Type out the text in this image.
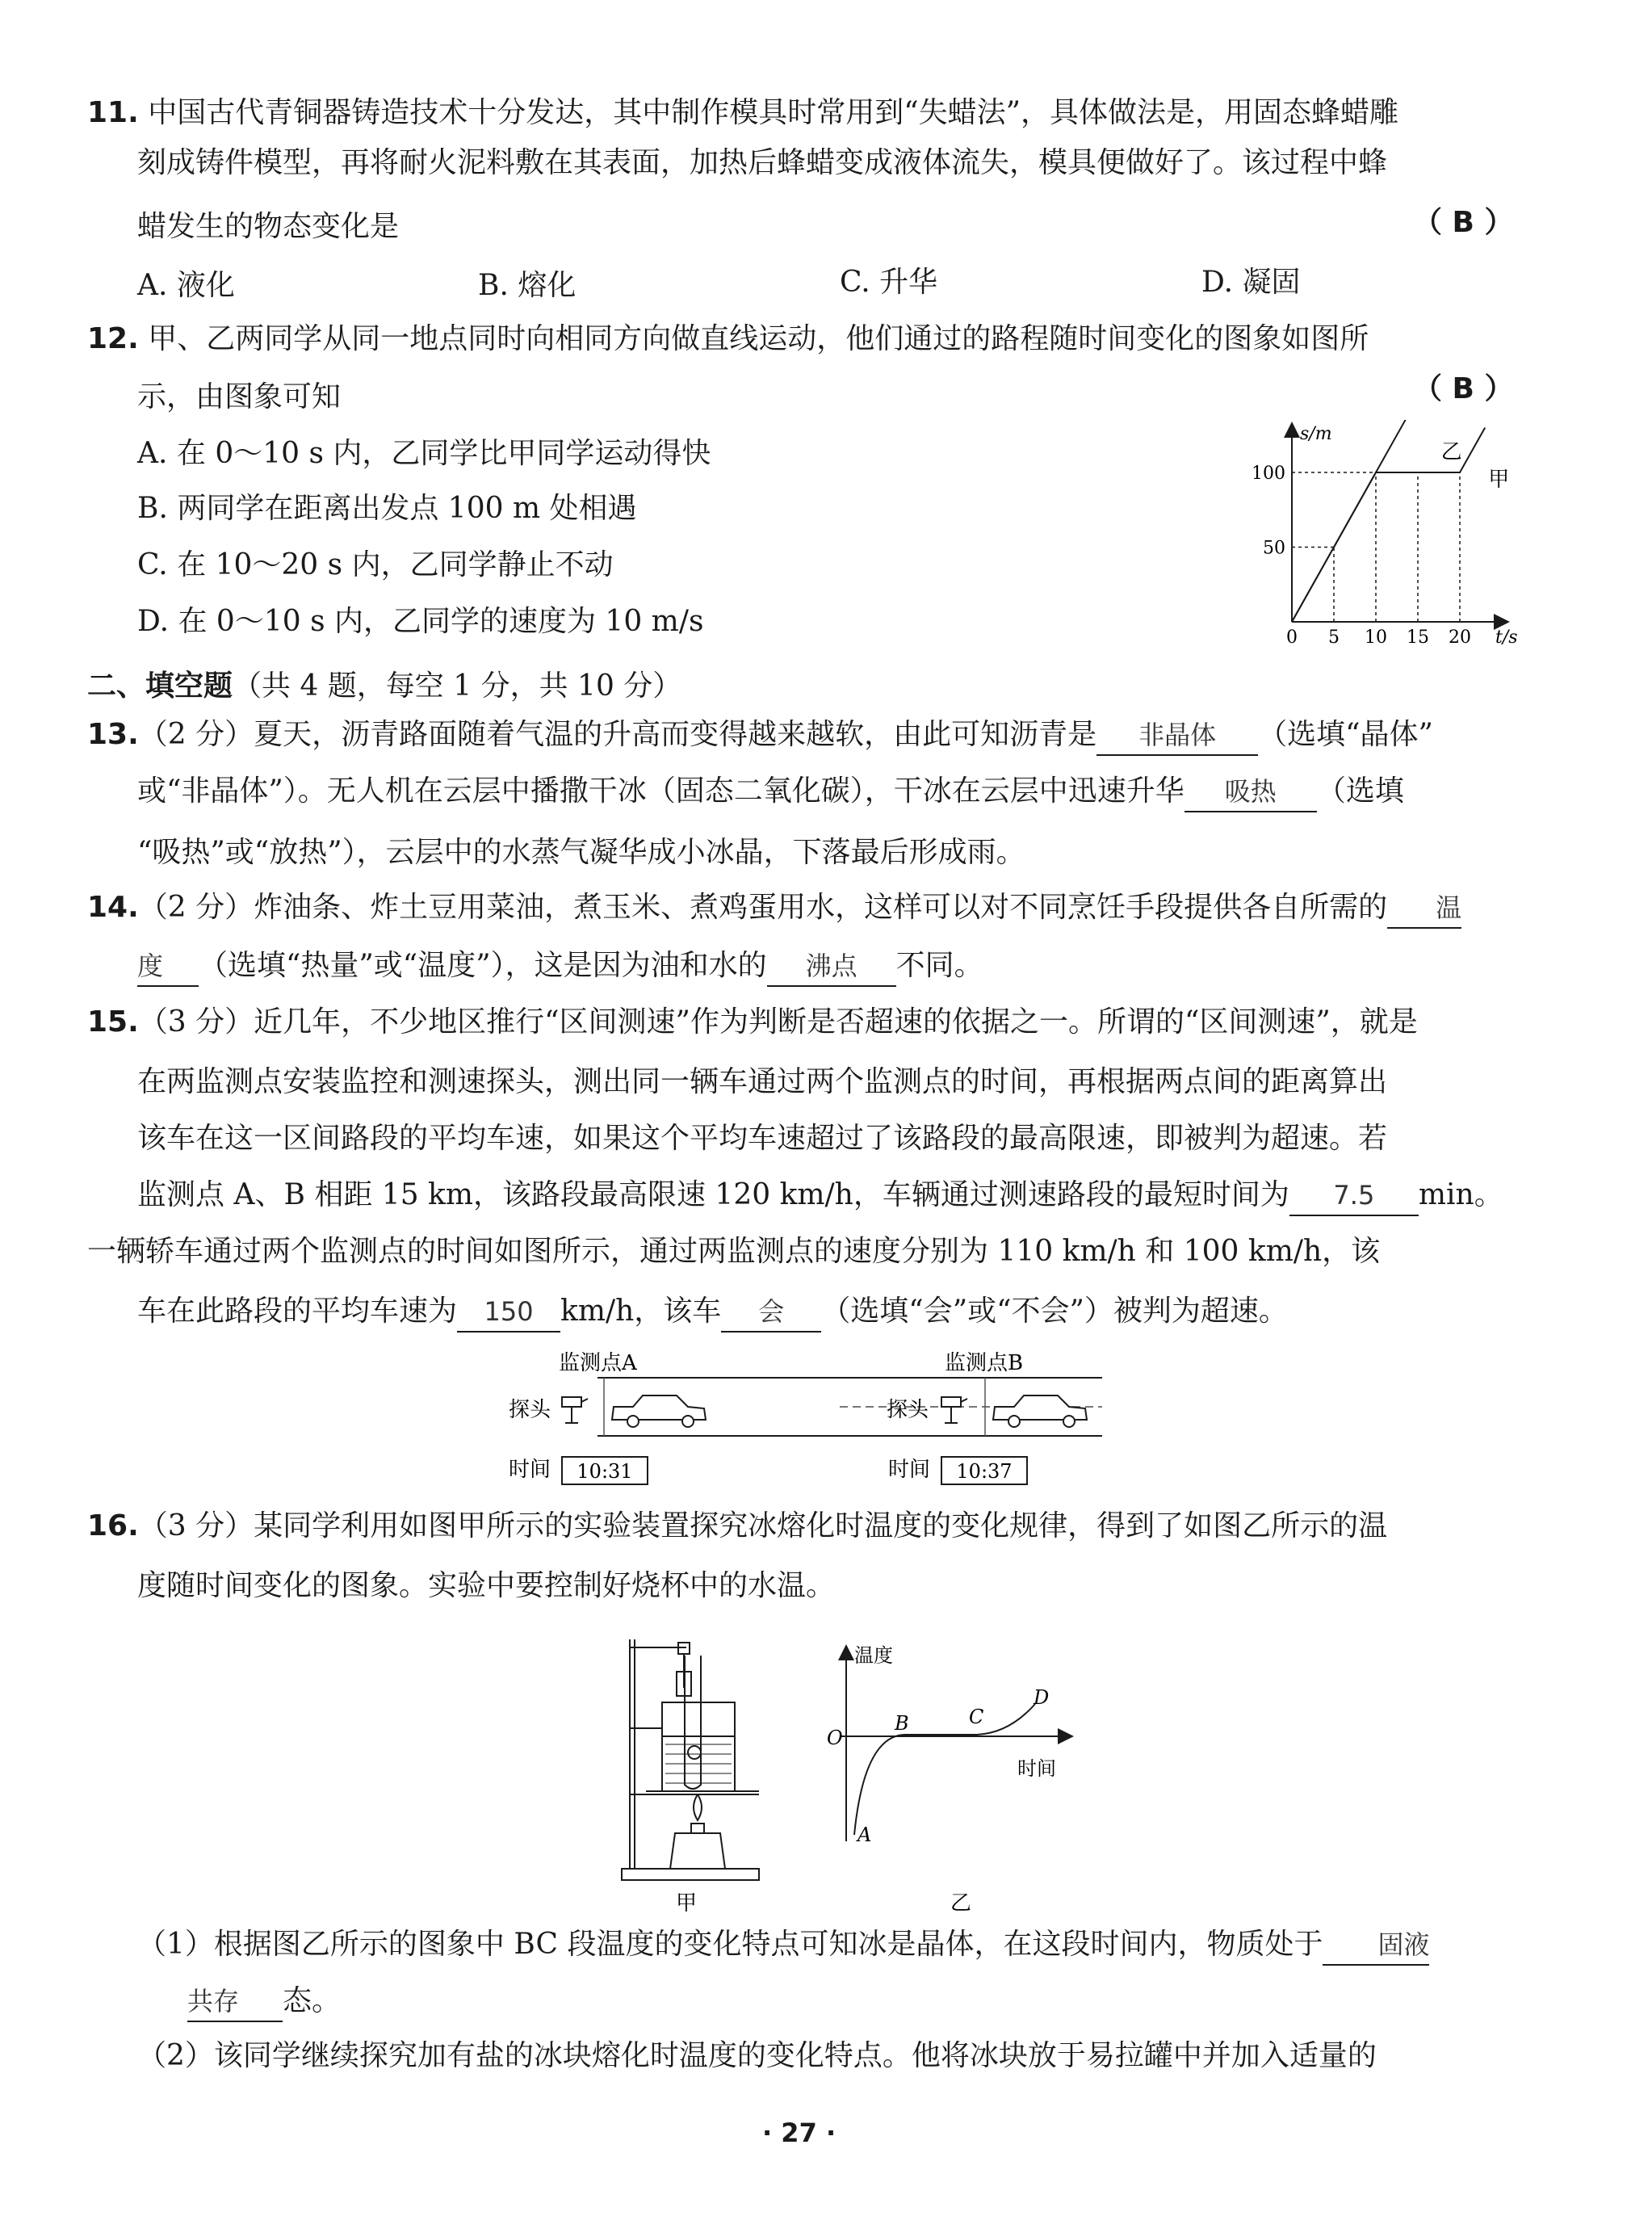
11. 中国古代青铜器铸造技术十分发达，其中制作模具时常用到“失蜡法”，具体做法是，用固态蜂蜡雕
刻成铸件模型，再将耐火泥料敷在其表面，加热后蜂蜡变成液体流失，模具便做好了。该过程中蜂
蜡发生的物态变化是	（ B ）
A. 液化	B. 熔化	C. 升华	D. 凝固
12. 甲、乙两同学从同一地点同时向相同方向做直线运动，他们通过的路程随时间变化的图象如图所
示，由图象可知	（ B ）
A. 在 0～10 s 内，乙同学比甲同学运动得快
B. 两同学在距离出发点 100 m 处相遇
C. 在 10～20 s 内，乙同学静止不动
D. 在 0～10 s 内，乙同学的速度为 10 m/s
s/m
t/s
0 5 10 15 20
50
100
乙
甲
二、填空题（共 4 题，每空 1 分，共 10 分）
13.（2 分）夏天，沥青路面随着气温的升高而变得越来越软，由此可知沥青是 非晶体 （选填“晶体”
或“非晶体”）。无人机在云层中播撒干冰（固态二氧化碳），干冰在云层中迅速升华 吸热 （选填
“吸热”或“放热”），云层中的水蒸气凝华成小冰晶，下落最后形成雨。
14.（2 分）炸油条、炸土豆用菜油，煮玉米、煮鸡蛋用水，这样可以对不同烹饪手段提供各自所需的 温
度 （选填“热量”或“温度”），这是因为油和水的 沸点 不同。
15.（3 分）近几年，不少地区推行“区间测速”作为判断是否超速的依据之一。所谓的“区间测速”，就是
在两监测点安装监控和测速探头，测出同一辆车通过两个监测点的时间，再根据两点间的距离算出
该车在这一区间路段的平均车速，如果这个平均车速超过了该路段的最高限速，即被判为超速。若
监测点 A、B 相距 15 km，该路段最高限速 120 km/h，车辆通过测速路段的最短时间为 7.5 min。
一辆轿车通过两个监测点的时间如图所示，通过两监测点的速度分别为 110 km/h 和 100 km/h，该
车在此路段的平均车速为 150 km/h，该车 会 （选填“会”或“不会”）被判为超速。
监测点A	监测点B
探头	探头
时间 10:31	时间 10:37
16.（3 分）某同学利用如图甲所示的实验装置探究冰熔化时温度的变化规律，得到了如图乙所示的温
度随时间变化的图象。实验中要控制好烧杯中的水温。
甲
温度
时间
O
A
B	C
D
乙
（1）根据图乙所示的图象中 BC 段温度的变化特点可知冰是晶体，在这段时间内，物质处于 固液
共存 态。
（2）该同学继续探究加有盐的冰块熔化时温度的变化特点。他将冰块放于易拉罐中并加入适量的
· 27 ·
